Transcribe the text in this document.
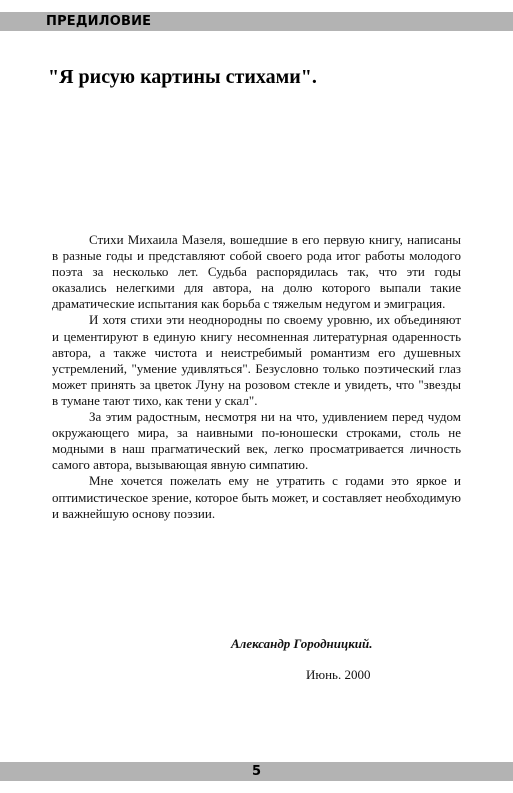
ПРЕДИЛОВИЕ
"Я рисую картины стихами".

Стихи Михаила Мазеля, вошедшие в его первую книгу, написаны в разные годы и представляют собой своего рода итог работы молодого поэта за несколько лет. Судьба распорядилась так, что эти годы оказались нелегкими для автора, на долю которого выпали такие драматические испытания как борьба с тяжелым недугом и эмиграция.

И хотя стихи эти неоднородны по своему уровню, их объединяют и цементируют в единую книгу несомненная литературная одаренность автора, а также чистота и неистребимый романтизм его душевных устремлений, "умение удивляться". Безусловно только поэтический глаз может принять за цветок Луну на розовом стекле и увидеть, что "звезды в тумане тают тихо, как тени у скал".

За этим радостным, несмотря ни на что, удивлением перед чудом окружающего мира, за наивными по-юношески строками, столь не модными в наш прагматический век, легко просматривается личность самого автора, вызывающая явную симпатию.

Мне хочется пожелать ему не утратить с годами это яркое и оптимистическое зрение, которое быть может, и составляет необходимую и важнейшую основу поэзии.

Александр Городницкий.
Июнь. 2000
5
